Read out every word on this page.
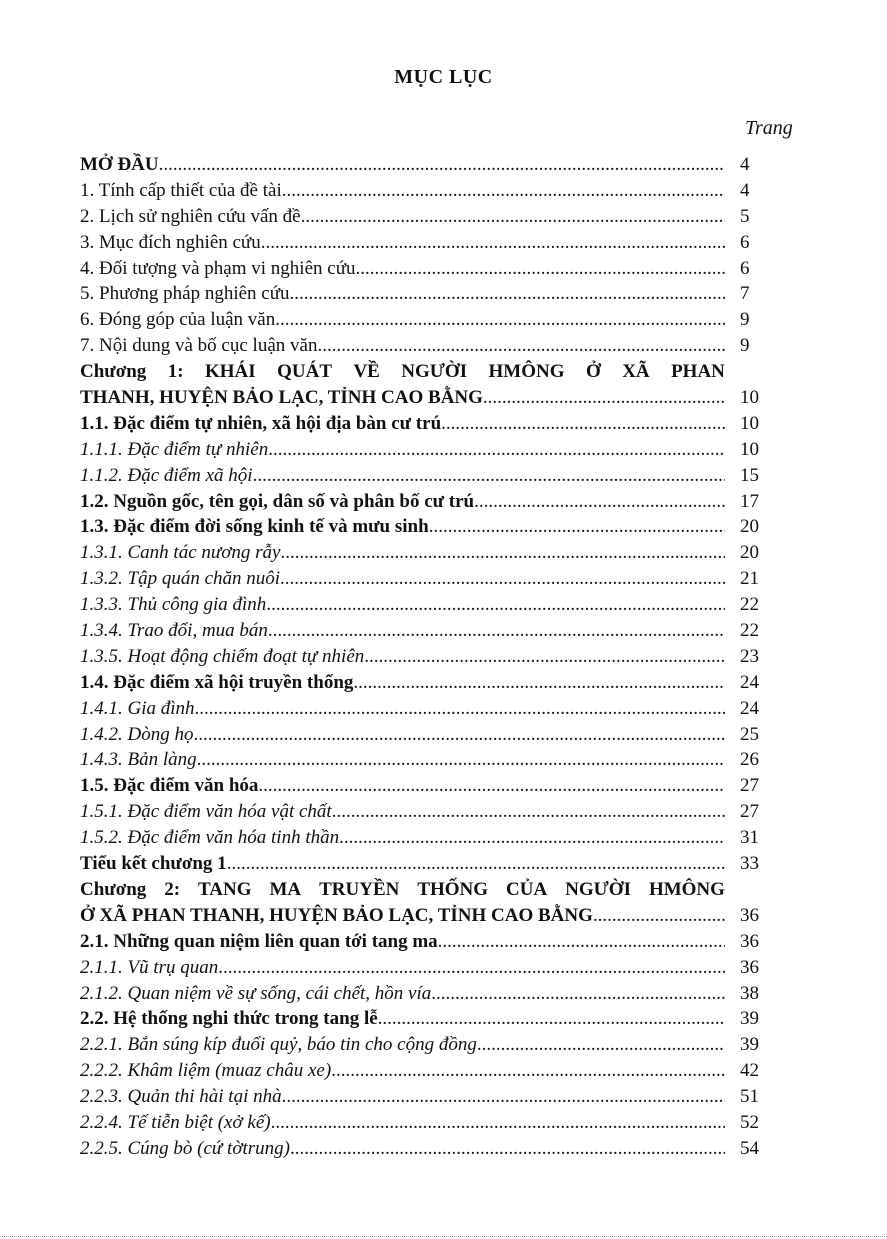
MỤC LỤC
Trang
MỞ ĐẦU .....	4
1. Tính cấp thiết của đề tài .....	4
2. Lịch sử nghiên cứu vấn đề .....	5
3. Mục đích nghiên cứu .....	6
4. Đối tượng và phạm vi nghiên cứu .....	6
5. Phương pháp nghiên cứu .....	7
6. Đóng góp của luận văn .....	9
7. Nội dung và bố cục luận văn .....	9
Chương 1: KHÁI QUÁT VỀ NGƯỜI HMÔNG Ở XÃ PHAN
THANH, HUYỆN BẢO LẠC, TỈNH CAO BẰNG .....	10
1.1. Đặc điểm tự nhiên, xã hội địa bàn cư trú .....	10
1.1.1. Đặc điểm tự nhiên .....	10
1.1.2. Đặc điểm xã hội .....	15
1.2. Nguồn gốc, tên gọi, dân số và phân bố cư trú .....	17
1.3. Đặc điểm đời sống kinh tế và mưu sinh .....	20
1.3.1. Canh tác nương rẫy .....	20
1.3.2. Tập quán chăn nuôi .....	21
1.3.3. Thủ công gia đình .....	22
1.3.4. Trao đổi, mua bán .....	22
1.3.5. Hoạt động chiếm đoạt tự nhiên .....	23
1.4. Đặc điểm xã hội truyền thống .....	24
1.4.1. Gia đình .....	24
1.4.2. Dòng họ .....	25
1.4.3. Bản làng .....	26
1.5. Đặc điểm văn hóa .....	27
1.5.1. Đặc điểm văn hóa vật chất .....	27
1.5.2. Đặc điểm văn hóa tinh thần .....	31
Tiểu kết chương 1 .....	33
Chương 2: TANG MA TRUYỀN THỐNG CỦA NGƯỜI HMÔNG
Ở XÃ PHAN THANH, HUYỆN BẢO LẠC, TỈNH CAO BẰNG .....	36
2.1. Những quan niệm liên quan tới tang ma .....	36
2.1.1. Vũ trụ quan .....	36
2.1.2. Quan niệm về sự sống, cái chết, hồn vía .....	38
2.2. Hệ thống nghi thức trong tang lễ .....	39
2.2.1. Bắn súng kíp đuổi quỷ, báo tin cho cộng đồng .....	39
2.2.2. Khâm liệm (muaz châu xe) .....	42
2.2.3. Quản thi hài tại nhà .....	51
2.2.4. Tế tiễn biệt (xở kế) .....	52
2.2.5. Cúng bò (cứ tờtrung) .....	54
